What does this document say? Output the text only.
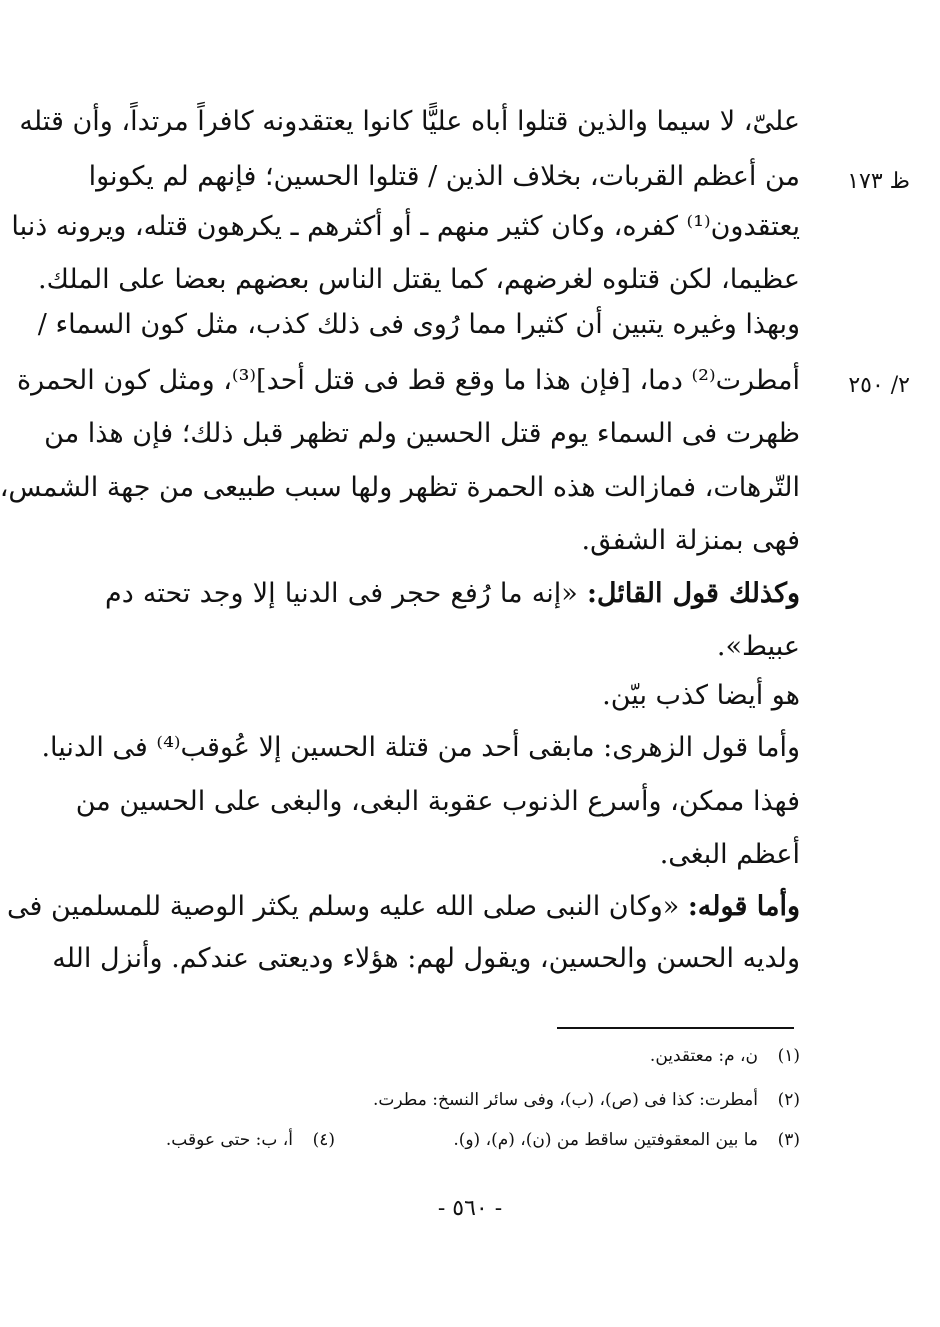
ظ ١٧٣
٢/ ٢٥٠
علىّ، لا سيما والذين قتلوا أباه عليًّا كانوا يعتقدونه كافراً مرتداً، وأن قتله
من أعظم القربات، بخلاف الذين / قتلوا الحسين؛ فإنهم لم يكونوا
يعتقدون⁽¹⁾ كفره، وكان كثير منهم ـ أو أكثرهم ـ يكرهون قتله، ويرونه ذنبا
عظيما، لكن قتلوه لغرضهم، كما يقتل الناس بعضهم بعضا على الملك.
وبهذا وغيره يتبين أن كثيرا مما رُوى فى ذلك كذب، مثل كون السماء /
أمطرت⁽²⁾ دما، [فإن هذا ما وقع قط فى قتل أحد]⁽³⁾، ومثل كون الحمرة
ظهرت فى السماء يوم قتل الحسين ولم تظهر قبل ذلك؛ فإن هذا من
التّرهات، فمازالت هذه الحمرة تظهر ولها سبب طبيعى من جهة الشمس،
فهى بمنزلة الشفق.
وكذلك قول القائل: «إنه ما رُفع حجر فى الدنيا إلا وجد تحته دم
عبيط».
هو أيضا كذب بيّن.
وأما قول الزهرى: مابقى أحد من قتلة الحسين إلا عُوقب⁽⁴⁾ فى الدنيا.
فهذا ممكن، وأسرع الذنوب عقوبة البغى، والبغى على الحسين من
أعظم البغى.
وأما قوله: «وكان النبى صلى الله عليه وسلم يكثر الوصية للمسلمين فى
ولديه الحسن والحسين، ويقول لهم: هؤلاء وديعتى عندكم. وأنزل الله
(١)ن، م: معتقدين.
(٢)أمطرت: كذا فى (ص)، (ب)، وفى سائر النسخ: مطرت.
(٣)ما بين المعقوفتين ساقط من (ن)، (م)، (و).
(٤)أ، ب: حتى عوقب.
- ٥٦٠ -
